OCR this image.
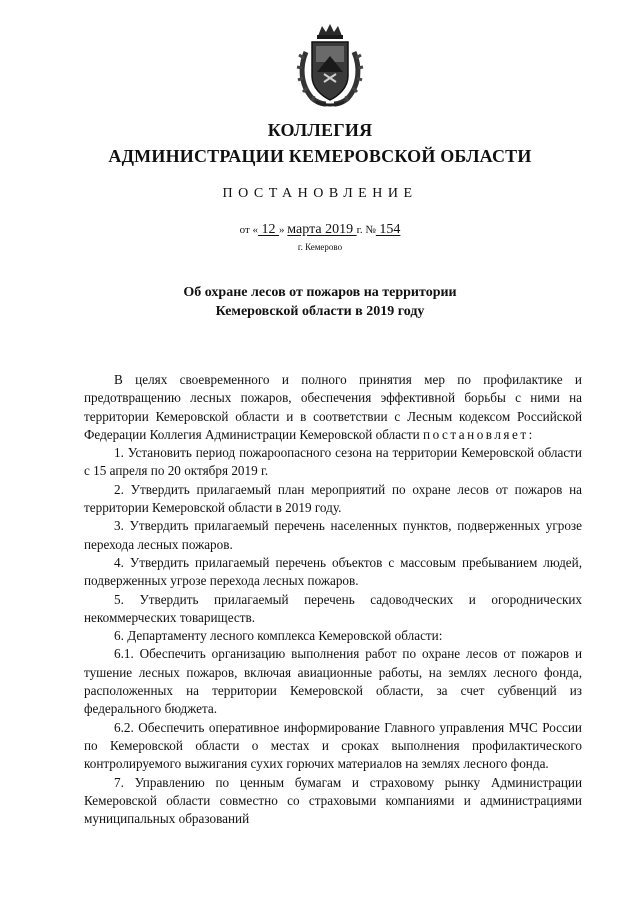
КОЛЛЕГИЯ
АДМИНИСТРАЦИИ КЕМЕРОВСКОЙ ОБЛАСТИ
ПОСТАНОВЛЕНИЕ
от « 12 » марта 2019 г. № 154
г. Кемерово
Об охране лесов от пожаров на территории
Кемеровской области в 2019 году

В целях своевременного и полного принятия мер по профилактике и предотвращению лесных пожаров, обеспечения эффективной борьбы с ними на территории Кемеровской области и в соответствии с Лесным кодексом Российской Федерации Коллегия Администрации Кемеровской области постановляет:

1. Установить период пожароопасного сезона на территории Кемеровской области с 15 апреля по 20 октября 2019 г.

2. Утвердить прилагаемый план мероприятий по охране лесов от пожаров на территории Кемеровской области в 2019 году.

3. Утвердить прилагаемый перечень населенных пунктов, подверженных угрозе перехода лесных пожаров.

4. Утвердить прилагаемый перечень объектов с массовым пребыванием людей, подверженных угрозе перехода лесных пожаров.

5. Утвердить прилагаемый перечень садоводческих и огороднических некоммерческих товариществ.

6. Департаменту лесного комплекса Кемеровской области:

6.1. Обеспечить организацию выполнения работ по охране лесов от пожаров и тушение лесных пожаров, включая авиационные работы, на землях лесного фонда, расположенных на территории Кемеровской области, за счет субвенций из федерального бюджета.

6.2. Обеспечить оперативное информирование Главного управления МЧС России по Кемеровской области о местах и сроках выполнения профилактического контролируемого выжигания сухих горючих материалов на землях лесного фонда.

7. Управлению по ценным бумагам и страховому рынку Администрации Кемеровской области совместно со страховыми компаниями и администрациями муниципальных образований
